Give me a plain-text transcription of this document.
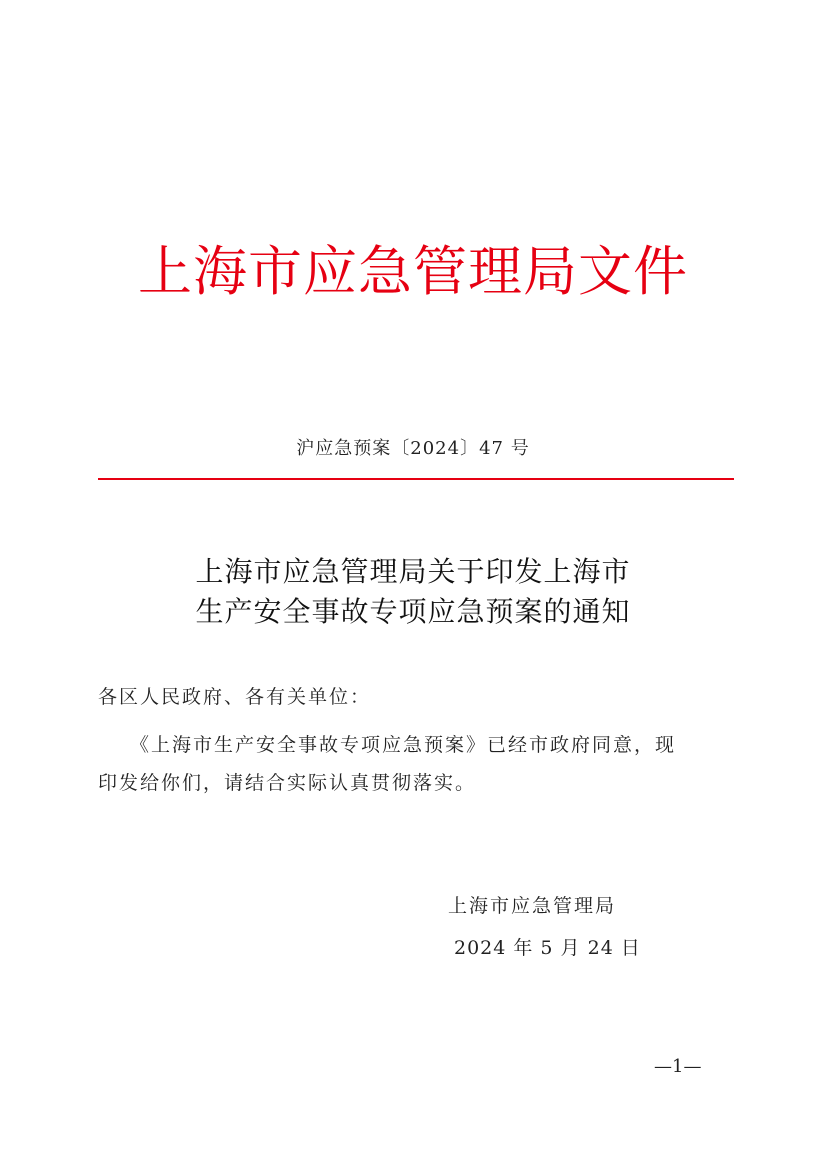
上海市应急管理局文件
沪应急预案〔2024〕47 号
上海市应急管理局关于印发上海市
生产安全事故专项应急预案的通知
各区人民政府、各有关单位：
《上海市生产安全事故专项应急预案》已经市政府同意，现
印发给你们，请结合实际认真贯彻落实。
上海市应急管理局
2024 年 5 月 24 日
—1—
